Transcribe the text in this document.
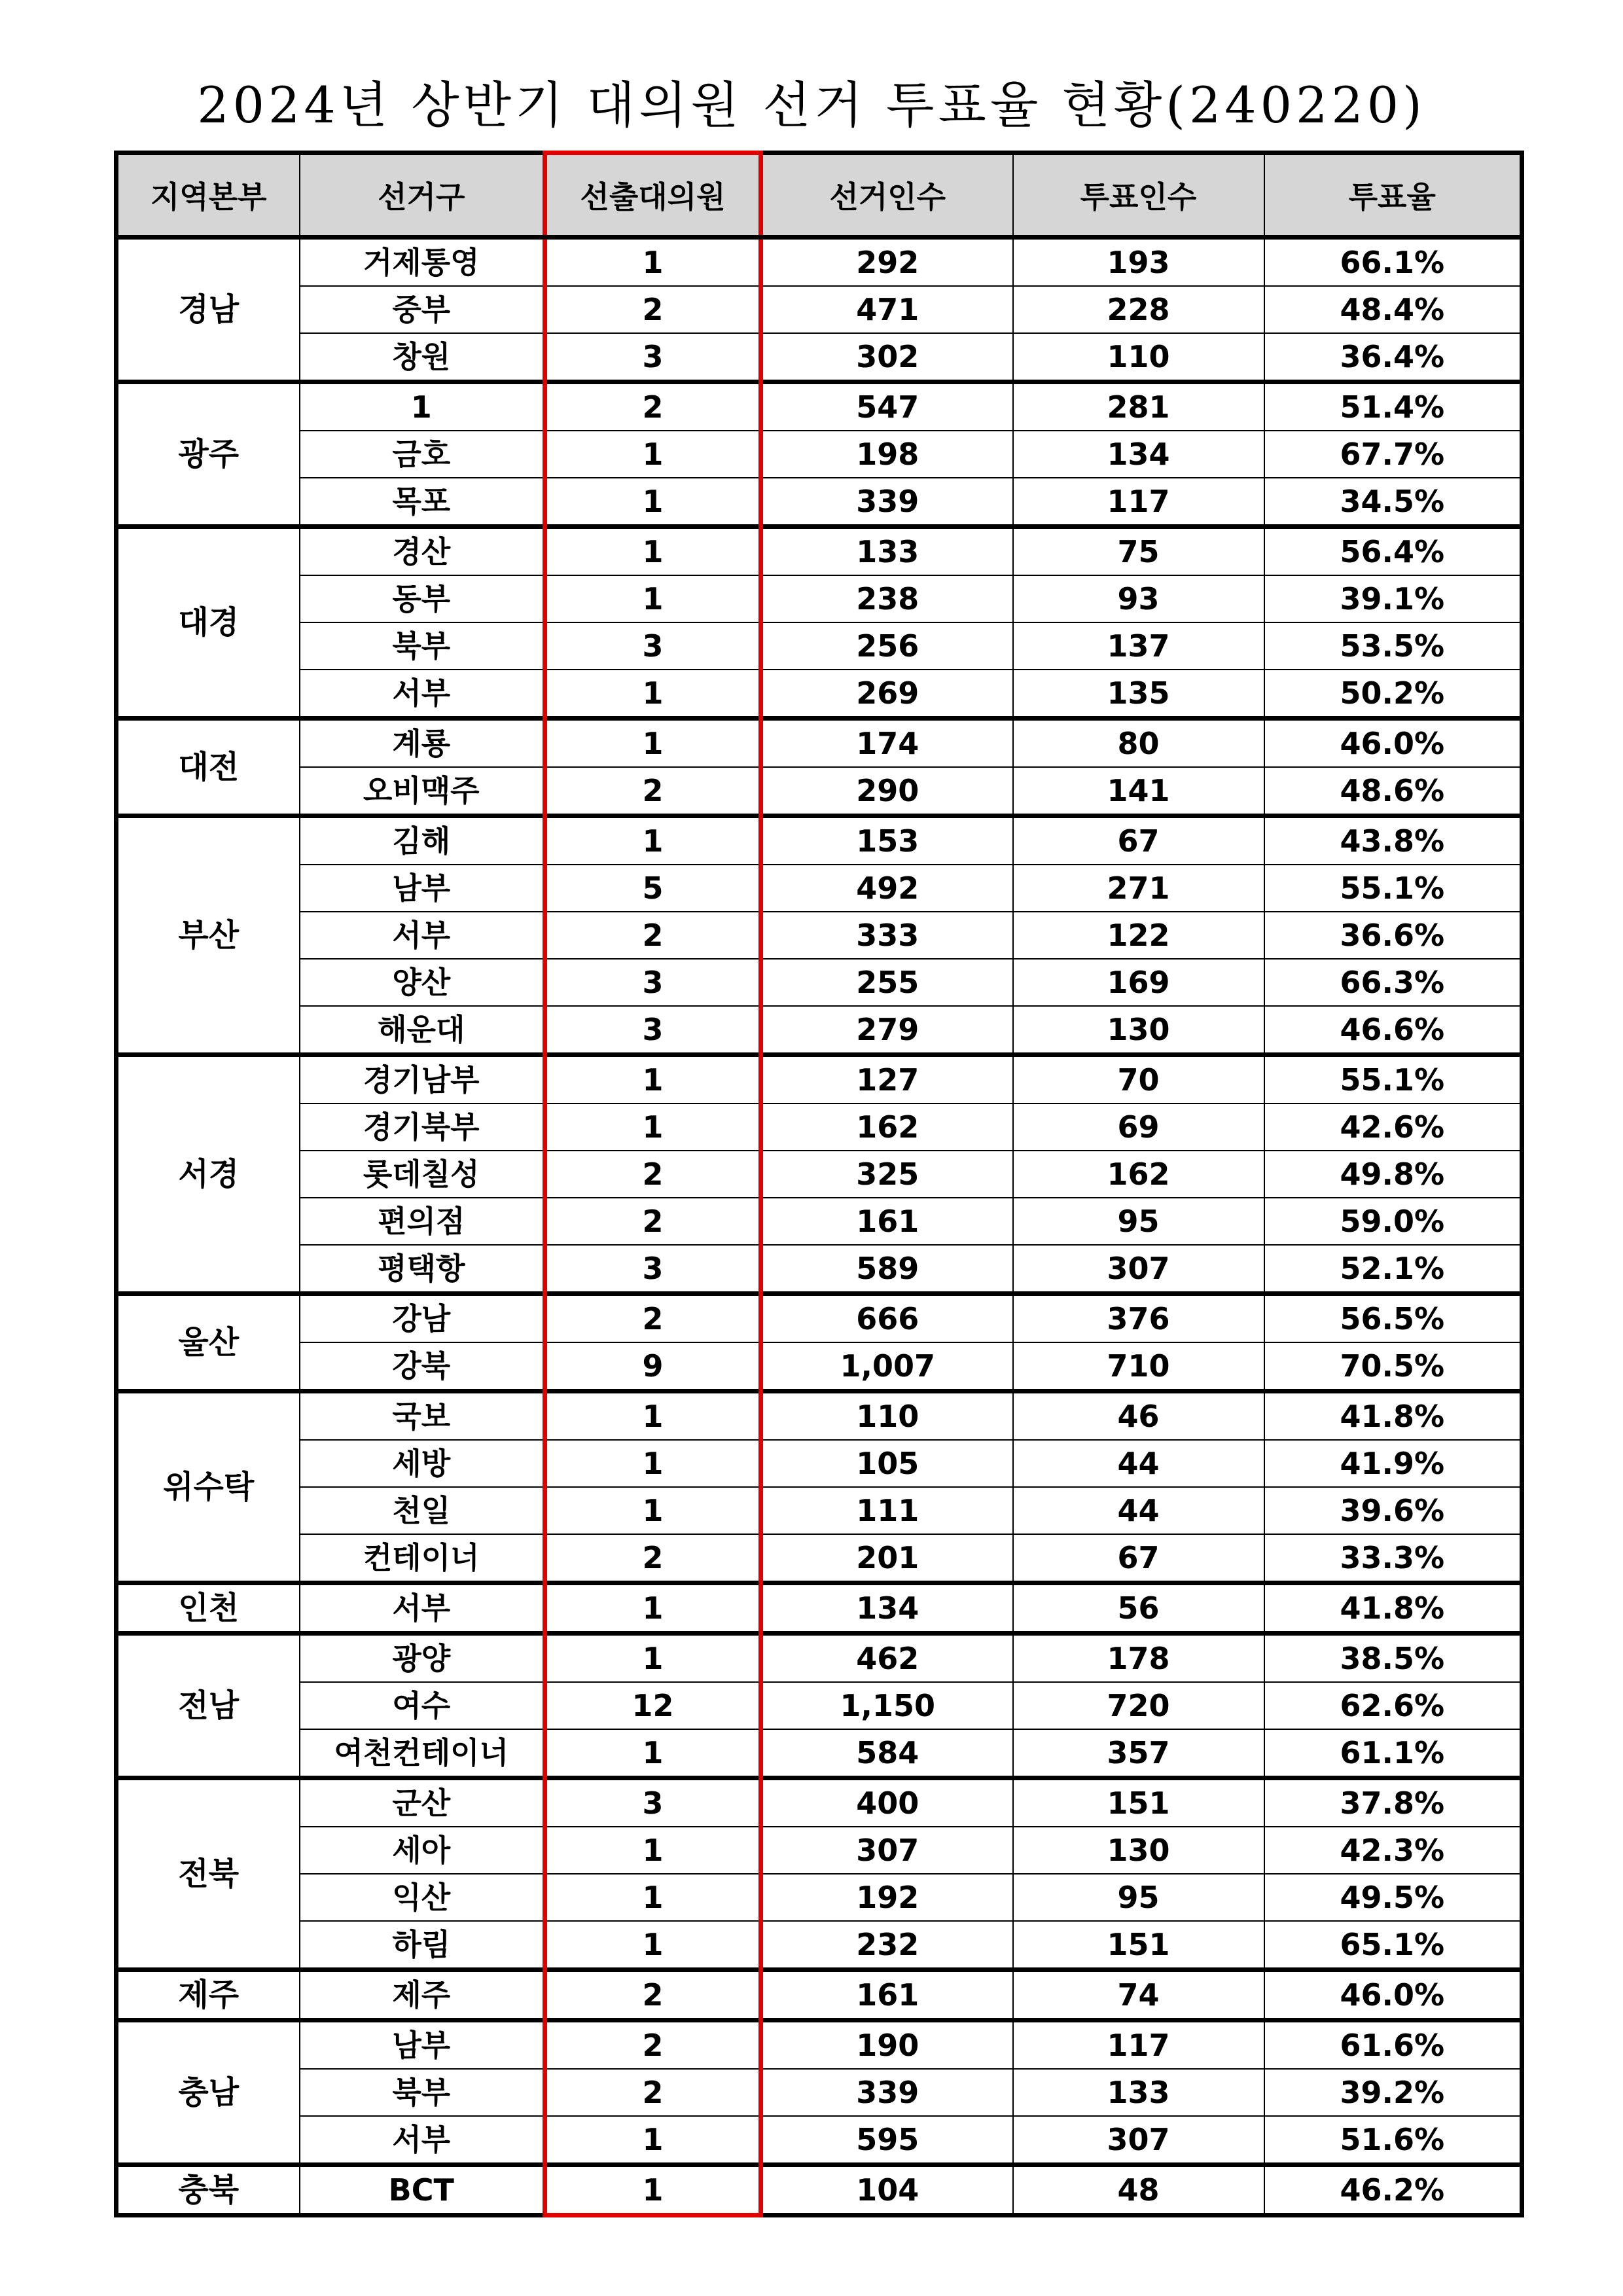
2024년 상반기 대의원 선거 투표율 현황(240220)
지역본부	선거구	선출대의원	선거인수	투표인수	투표율
경남	거제통영	1	292	193	66.1%
	중부	2	471	228	48.4%
	창원	3	302	110	36.4%
광주	1	2	547	281	51.4%
	금호	1	198	134	67.7%
	목포	1	339	117	34.5%
대경	경산	1	133	75	56.4%
	동부	1	238	93	39.1%
	북부	3	256	137	53.5%
	서부	1	269	135	50.2%
대전	계룡	1	174	80	46.0%
	오비맥주	2	290	141	48.6%
부산	김해	1	153	67	43.8%
	남부	5	492	271	55.1%
	서부	2	333	122	36.6%
	양산	3	255	169	66.3%
	해운대	3	279	130	46.6%
서경	경기남부	1	127	70	55.1%
	경기북부	1	162	69	42.6%
	롯데칠성	2	325	162	49.8%
	편의점	2	161	95	59.0%
	평택항	3	589	307	52.1%
울산	강남	2	666	376	56.5%
	강북	9	1,007	710	70.5%
위수탁	국보	1	110	46	41.8%
	세방	1	105	44	41.9%
	천일	1	111	44	39.6%
	컨테이너	2	201	67	33.3%
인천	서부	1	134	56	41.8%
전남	광양	1	462	178	38.5%
	여수	12	1,150	720	62.6%
	여천컨테이너	1	584	357	61.1%
전북	군산	3	400	151	37.8%
	세아	1	307	130	42.3%
	익산	1	192	95	49.5%
	하림	1	232	151	65.1%
제주	제주	2	161	74	46.0%
충남	남부	2	190	117	61.6%
	북부	2	339	133	39.2%
	서부	1	595	307	51.6%
충북	BCT	1	104	48	46.2%
